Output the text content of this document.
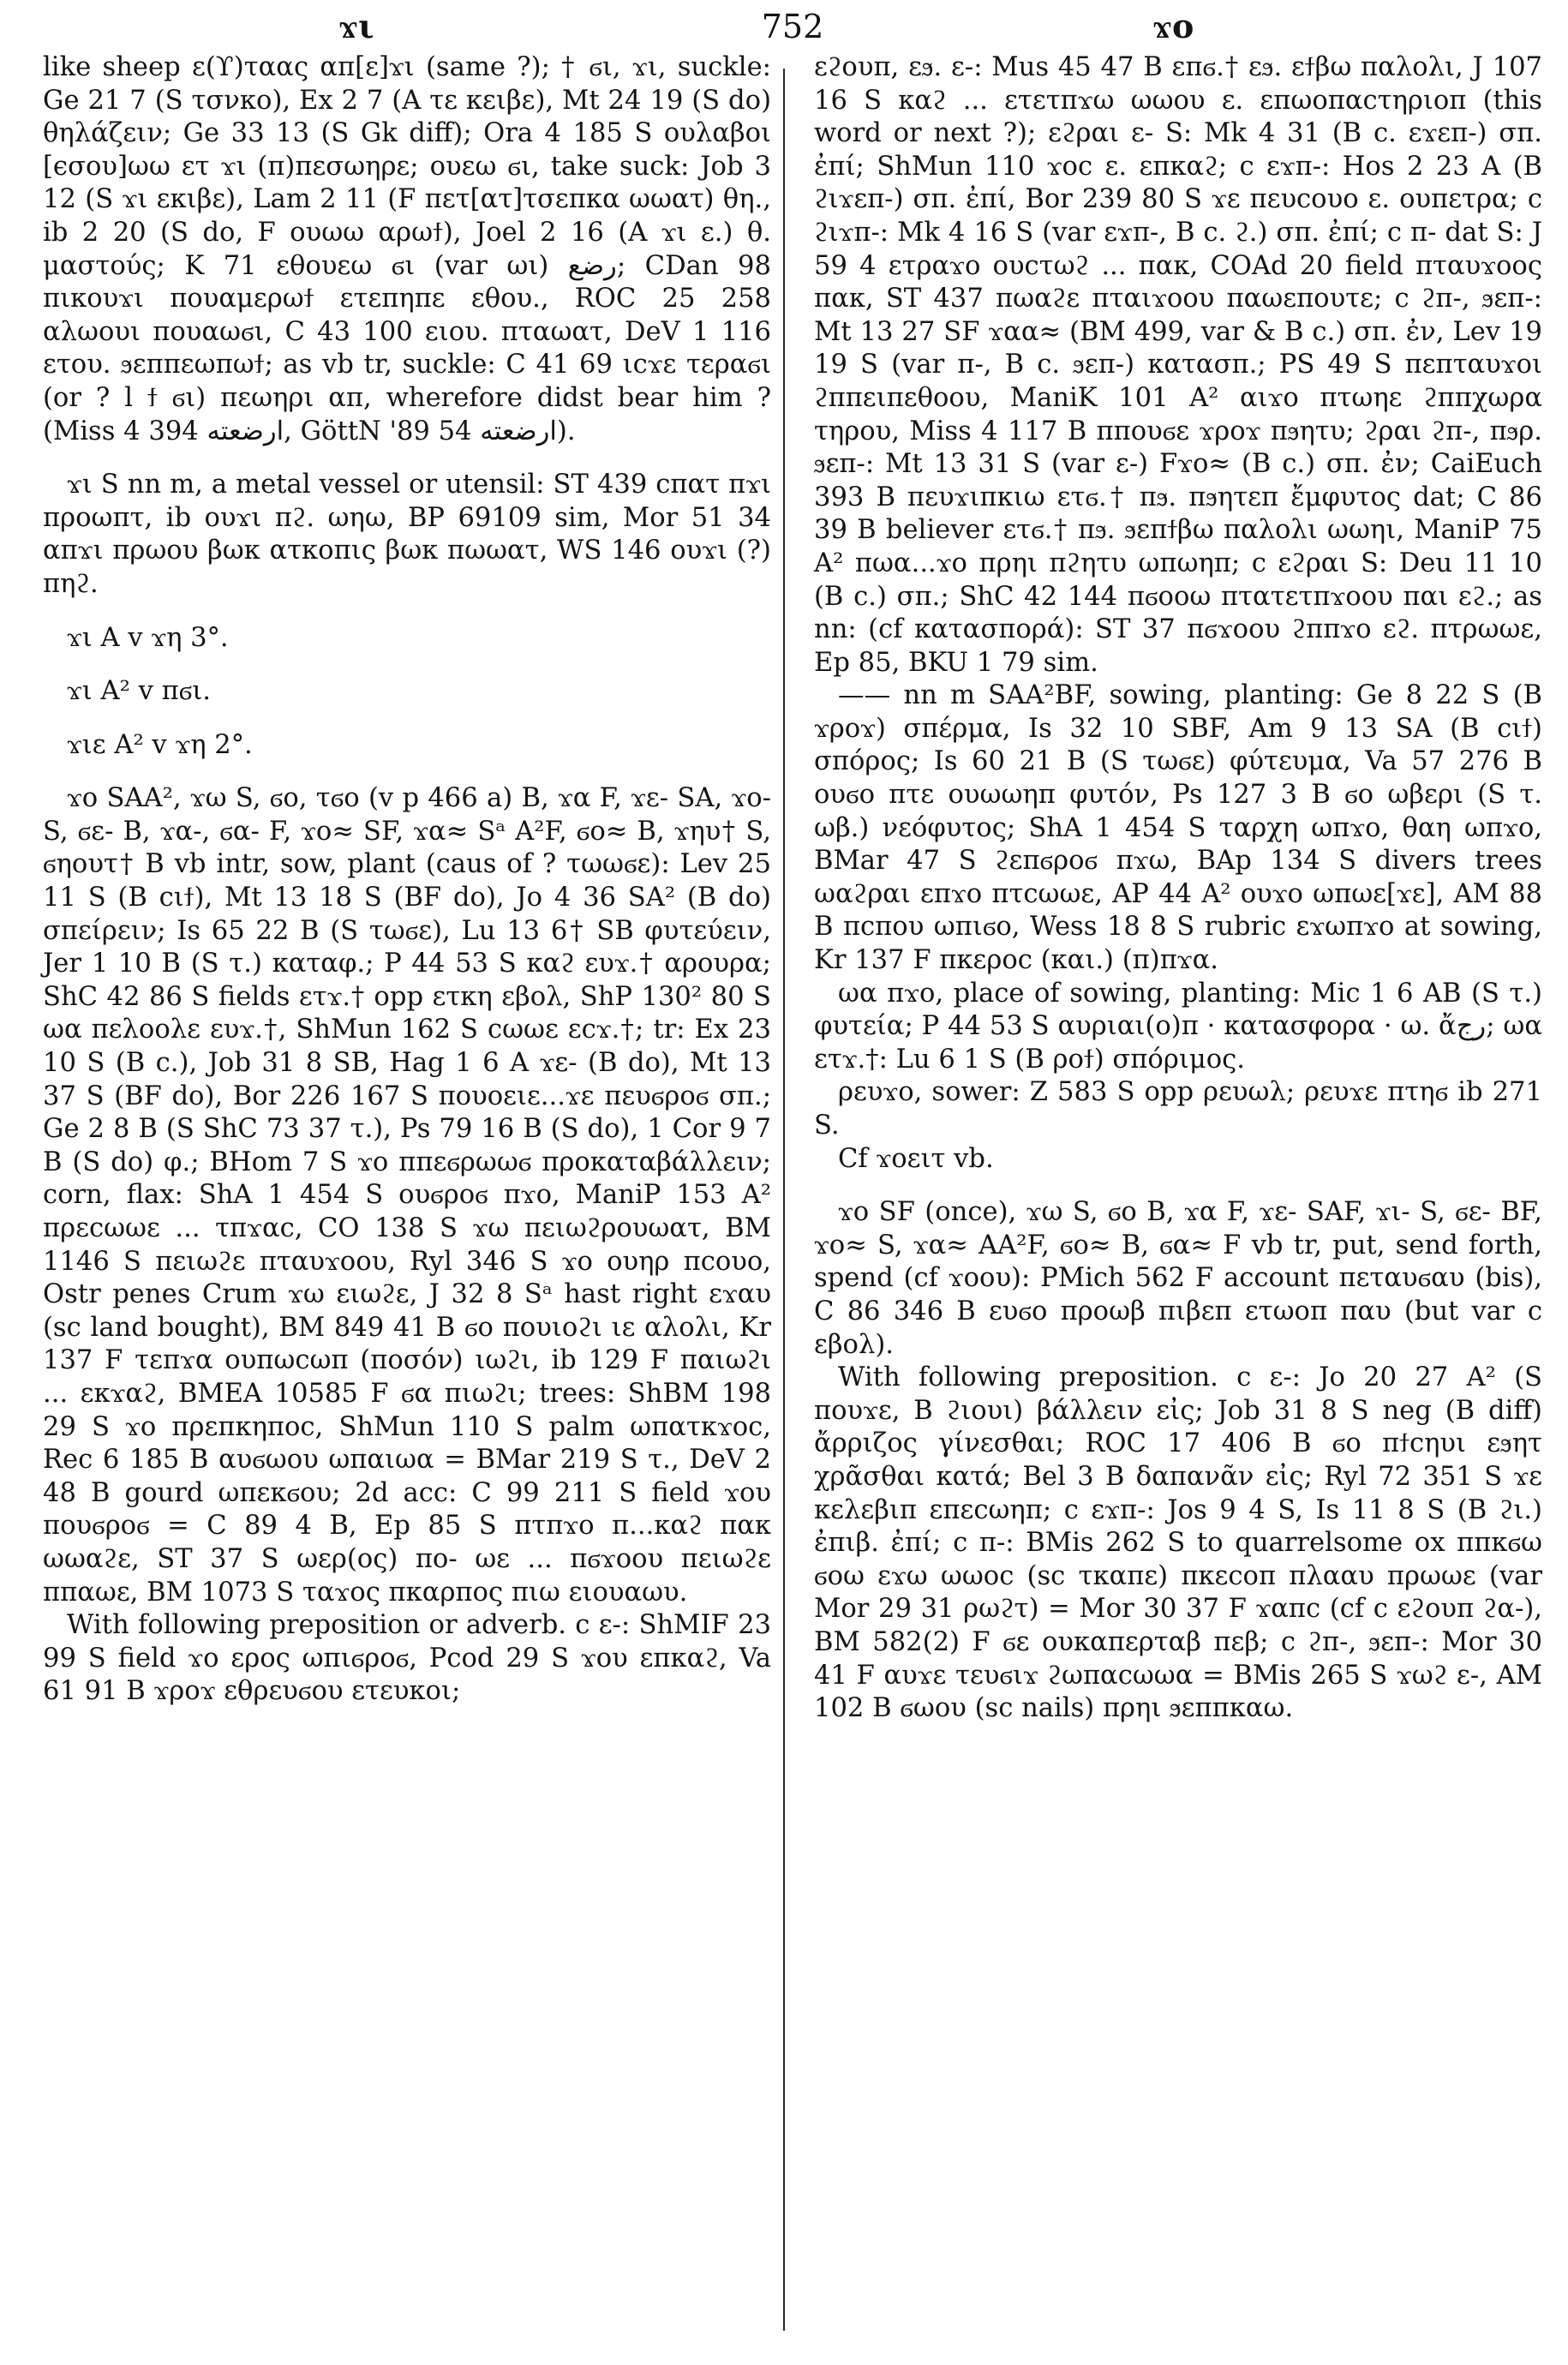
ϫι	752	ϫο

like sheep ε(ϒ)ταας απ[ε]ϫι (same ?); † ϭι, ϫι, suckle: Ge 21 7 (S τσνκο), Ex 2 7 (A τε κειβε), Mt 24 19 (S do) θηλάζειν; Ge 33 13 (S Gk diff); Ora 4 185 S ουλαβοι [ϵσου]ωω ετ ϫι (π)πεσωηρε; ουεω ϭι, take suck: Job 3 12 (S ϫι εκιβε), Lam 2 11 (F πετ[ατ]τσεπκα ωωατ) θη., ib 2 20 (S do, F ουωω αρωϯ), Joel 2 16 (A ϫι ε.) θ. μαστούς; K 71 εθουεω ϭι (var ωι) رضع; CDan 98 πικουϫι πουαμερωϯ ετεπηπε εθου., ROC 25 258 αλωουι πουαωϭι, C 43 100 ειου. πταωατ, DeV 1 116 ετου. ϧεππεωπωϯ; as vb tr, suckle: C 41 69 ιcϫε τεραϭι (or ? l ϯ ϭι) πεωηρι απ, wherefore didst bear him ? (Miss 4 394 ارضعته, GöttN '89 54 ارضعته).

ϫι S nn m, a metal vessel or utensil: ST 439 cπατ πϫι προωπτ, ib ουϫι πϩ. ωηω, BP 69109 sim, Mor 51 34 απϫι πρωου βωκ ατκοπις βωκ πωωατ, WS 146 ουϫι (?) πηϩ.

ϫι A v ϫη 3°.

ϫι A² v πϭι.

ϫιε A² v ϫη 2°.

ϫο SAA², ϫω S, ϭο, τϭο (v p 466 a) B, ϫα F, ϫε- SA, ϫο- S, ϭε- B, ϫα-, ϭα- F, ϫο≈ SF, ϫα≈ Sᵃ A²F, ϭο≈ B, ϫηυ† S, ϭηουτ† B vb intr, sow, plant (caus of ? τωωϭε): Lev 25 11 S (B cιϯ), Mt 13 18 S (BF do), Jo 4 36 SA² (B do) σπείρειν; Is 65 22 B (S τωϭε), Lu 13 6† SB φυτεύειν, Jer 1 10 B (S τ.) καταφ.; P 44 53 S καϩ ευϫ.† αρουρα; ShC 42 86 S fields ετϫ.† opp ετκη εβολ, ShP 130² 80 S ωα πελοολε ευϫ.†, ShMun 162 S cωωε εcϫ.†; tr: Ex 23 10 S (B c.), Job 31 8 SB, Hag 1 6 A ϫε- (B do), Mt 13 37 S (BF do), Bor 226 167 S πουοειε...ϫε πευϭροϭ σπ.; Ge 2 8 B (S ShC 73 37 τ.), Ps 79 16 B (S do), 1 Cor 9 7 B (S do) φ.; BHom 7 S ϫο ππεϭρωωϭ προκαταβάλλειν; corn, flax: ShA 1 454 S ουϭροϭ πϫο, ManiP 153 A² πρεcωωε ... τπϫαc, CO 138 S ϫω πειωϩρουωατ, BM 1146 S πειωϩε πταυϫοου, Ryl 346 S ϫο ουηρ πcουο, Ostr penes Crum ϫω ειωϩε, J 32 8 Sᵃ hast right εϫαυ (sc land bought), BM 849 41 B ϭο πουιοϩι ιε αλολι, Kr 137 F τεπϫα ουπωcωπ (ποσόν) ιωϩι, ib 129 F παιωϩι ... εκϫαϩ, BMEA 10585 F ϭα πιωϩι; trees: ShBM 198 29 S ϫο πρεπκηποc, ShMun 110 S palm ωπατκϫοc, Rec 6 185 B αυϭωου ωπαιωα = BMar 219 S τ., DeV 2 48 B gourd ωπεκϭου; 2d acc: C 99 211 S field ϫου πουϭροϭ = C 89 4 B, Ep 85 S πτπϫο π...καϩ πακ ωωαϩε, ST 37 S ωερ(ος) πο- ωε ... πϭϫοου πειωϩε ππαωε, BM 1073 S ταϫος πκαρπος πιω ειουαωυ.

With following preposition or adverb. c ε-: ShMIF 23 99 S field ϫο ερος ωπιϭροϭ, Pcod 29 S ϫου επκαϩ, Va 61 91 B ϫροϫ εθρευϭου ετευκοι;

εϩουπ, εϧ. ε-: Mus 45 47 B επϭ.† εϧ. εϯβω παλολι, J 107 16 S καϩ ... ετετπϫω ωωου ε. επωοπαcτηριοπ (this word or next ?); εϩραι ε- S: Mk 4 31 (B c. εϫεπ-) σπ. ἐπί; ShMun 110 ϫοc ε. επκαϩ; c εϫπ-: Hos 2 23 A (B ϩιϫεπ-) σπ. ἐπί, Bor 239 80 S ϫε πευcουο ε. ουπετρα; c ϩιϫπ-: Mk 4 16 S (var εϫπ-, B c. ϩ.) σπ. ἐπί; c π- dat S: J 59 4 ετραϫο ουcτωϩ ... πακ, COAd 20 field πταυϫοος πακ, ST 437 πωαϩε πταιϫοου παωεπουτε; c ϩπ-, ϧεπ-: Mt 13 27 SF ϫαα≈ (BM 499, var & B c.) σπ. ἐν, Lev 19 19 S (var π-, B c. ϧεπ-) κατασπ.; PS 49 S πεπταυϫοι ϩππειπεθοου, ManiK 101 A² αιϫο πτωηε ϩππχωρα τηρου, Miss 4 117 B ππουϭε ϫροϫ πϧητυ; ϩραι ϩπ-, πϧρ. ϧεπ-: Mt 13 31 S (var ε-) Fϫο≈ (B c.) σπ. ἐν; CaiEuch 393 B πευϫιπκιω ετϭ.† πϧ. πϧητεπ ἔμφυτος dat; C 86 39 B believer ετϭ.† πϧ. ϧεπϯβω παλολι ωωηι, ManiP 75 A² πωα...ϫο πρηι πϩητυ ωπωηπ; c εϩραι S: Deu 11 10 (B c.) σπ.; ShC 42 144 πϭοοω πτατετπϫοου παι εϩ.; as nn: (cf κατασπορά): ST 37 πϭϫοου ϩππϫο εϩ. πτρωωε, Ep 85, BKU 1 79 sim.

—— nn m SAA²BF, sowing, planting: Ge 8 22 S (B ϫροϫ) σπέρμα, Is 32 10 SBF, Am 9 13 SA (B cιϯ) σπόρος; Is 60 21 B (S τωϭε) φύτευμα, Va 57 276 B ουϭο πτε ουωωηπ φυτόν, Ps 127 3 B ϭο ωβερι (S τ. ωβ.) νεόφυτος; ShA 1 454 S ταρχη ωπϫο, θαη ωπϫο, BMar 47 S ϩεπϭροϭ πϫω, BAp 134 S divers trees ωαϩραι επϫο πτcωωε, AP 44 A² ουϫο ωπωε[ϫε], AM 88 B πcπου ωπιϭο, Wess 18 8 S rubric εϫωπϫο at sowing, Kr 137 F πκεροc (και.) (π)πϫα.

ωα πϫο, place of sowing, planting: Mic 1 6 AB (S τ.) φυτεία; P 44 53 S αυριαι(ο)π · κατασφορα · ω. ἄرج; ωα ετϫ.†: Lu 6 1 S (B ροϯ) σπόριμος.

ρευϫο, sower: Z 583 S opp ρευωλ; ρευϫε πτηϭ ib 271 S.

Cf ϫοειτ vb.

ϫο SF (once), ϫω S, ϭο B, ϫα F, ϫε- SAF, ϫι- S, ϭε- BF, ϫο≈ S, ϫα≈ AA²F, ϭο≈ B, ϭα≈ F vb tr, put, send forth, spend (cf ϫοου): PMich 562 F account πεταυϭαυ (bis), C 86 346 B ευϭο προωβ πιβεπ ετωοπ παυ (but var c εβολ).

With following preposition. c ε-: Jo 20 27 A² (S πουϫε, B ϩιουι) βάλλειν εἰς; Job 31 8 S neg (B diff) ἄρριζος γίνεσθαι; ROC 17 406 B ϭο πϯcηυι εϧητ χρᾶσθαι κατά; Bel 3 B δαπανᾶν εἰς; Ryl 72 351 S ϫε κελεβιπ επεcωηπ; c εϫπ-: Jos 9 4 S, Is 11 8 S (B ϩι.) ἐπιβ. ἐπί; c π-: BMis 262 S to quarrelsome ox ππκϭω ϭοω εϫω ωωοc (sc τκαπε) πκεcοπ πλααυ πρωωε (var Mor 29 31 ρωϩτ) = Mor 30 37 F ϫαπc (cf c εϩουπ ϩα-), BM 582(2) F ϭε ουκαπερταβ πεβ; c ϩπ-, ϧεπ-: Mor 30 41 F αυϫε τευϭιϫ ϩωπαcωωα = BMis 265 S ϫωϩ ε-, AM 102 B ϭωου (sc nails) πρηι ϧεππκαω.
